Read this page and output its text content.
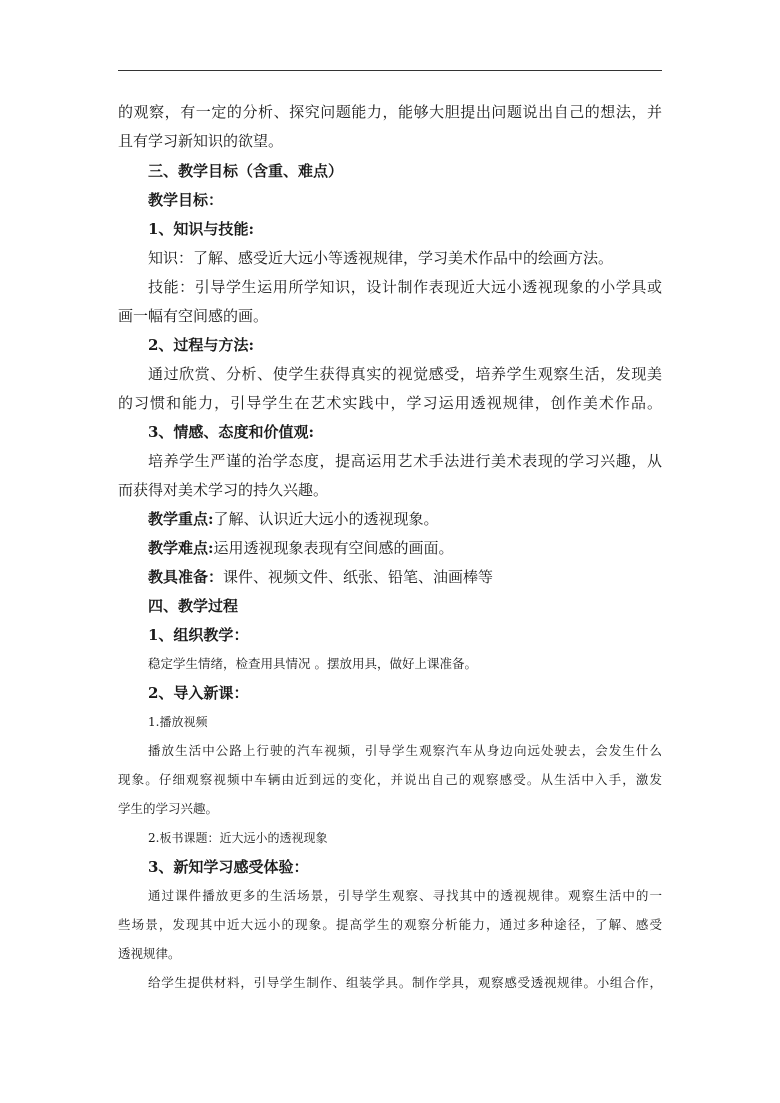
的观察，有一定的分析、探究问题能力，能够大胆提出问题说出自己的想法，并
且有学习新知识的欲望。
三、教学目标（含重、难点）
教学目标：
1、知识与技能:
知识：了解、感受近大远小等透视规律，学习美术作品中的绘画方法。
技能：引导学生运用所学知识，设计制作表现近大远小透视现象的小学具或
画一幅有空间感的画。
2、过程与方法:
通过欣赏、分析、使学生获得真实的视觉感受，培养学生观察生活，发现美
的习惯和能力，引导学生在艺术实践中，学习运用透视规律，创作美术作品。
3、情感、态度和价值观:
培养学生严谨的治学态度，提高运用艺术手法进行美术表现的学习兴趣，从
而获得对美术学习的持久兴趣。
教学重点:了解、认识近大远小的透视现象。
教学难点:运用透视现象表现有空间感的画面。
教具准备：课件、视频文件、纸张、铅笔、油画棒等
四、教学过程
1、组织教学：
稳定学生情绪，检查用具情况 。摆放用具，做好上课准备。
2、导入新课：
1.播放视频
播放生活中公路上行驶的汽车视频，引导学生观察汽车从身边向远处驶去，会发生什么
现象。仔细观察视频中车辆由近到远的变化，并说出自己的观察感受。从生活中入手，激发
学生的学习兴趣。
2.板书课题：近大远小的透视现象
3、新知学习感受体验：
通过课件播放更多的生活场景，引导学生观察、寻找其中的透视规律。观察生活中的一
些场景，发现其中近大远小的现象。提高学生的观察分析能力，通过多种途径，了解、感受
透视规律。
给学生提供材料，引导学生制作、组装学具。制作学具，观察感受透视规律。小组合作，
